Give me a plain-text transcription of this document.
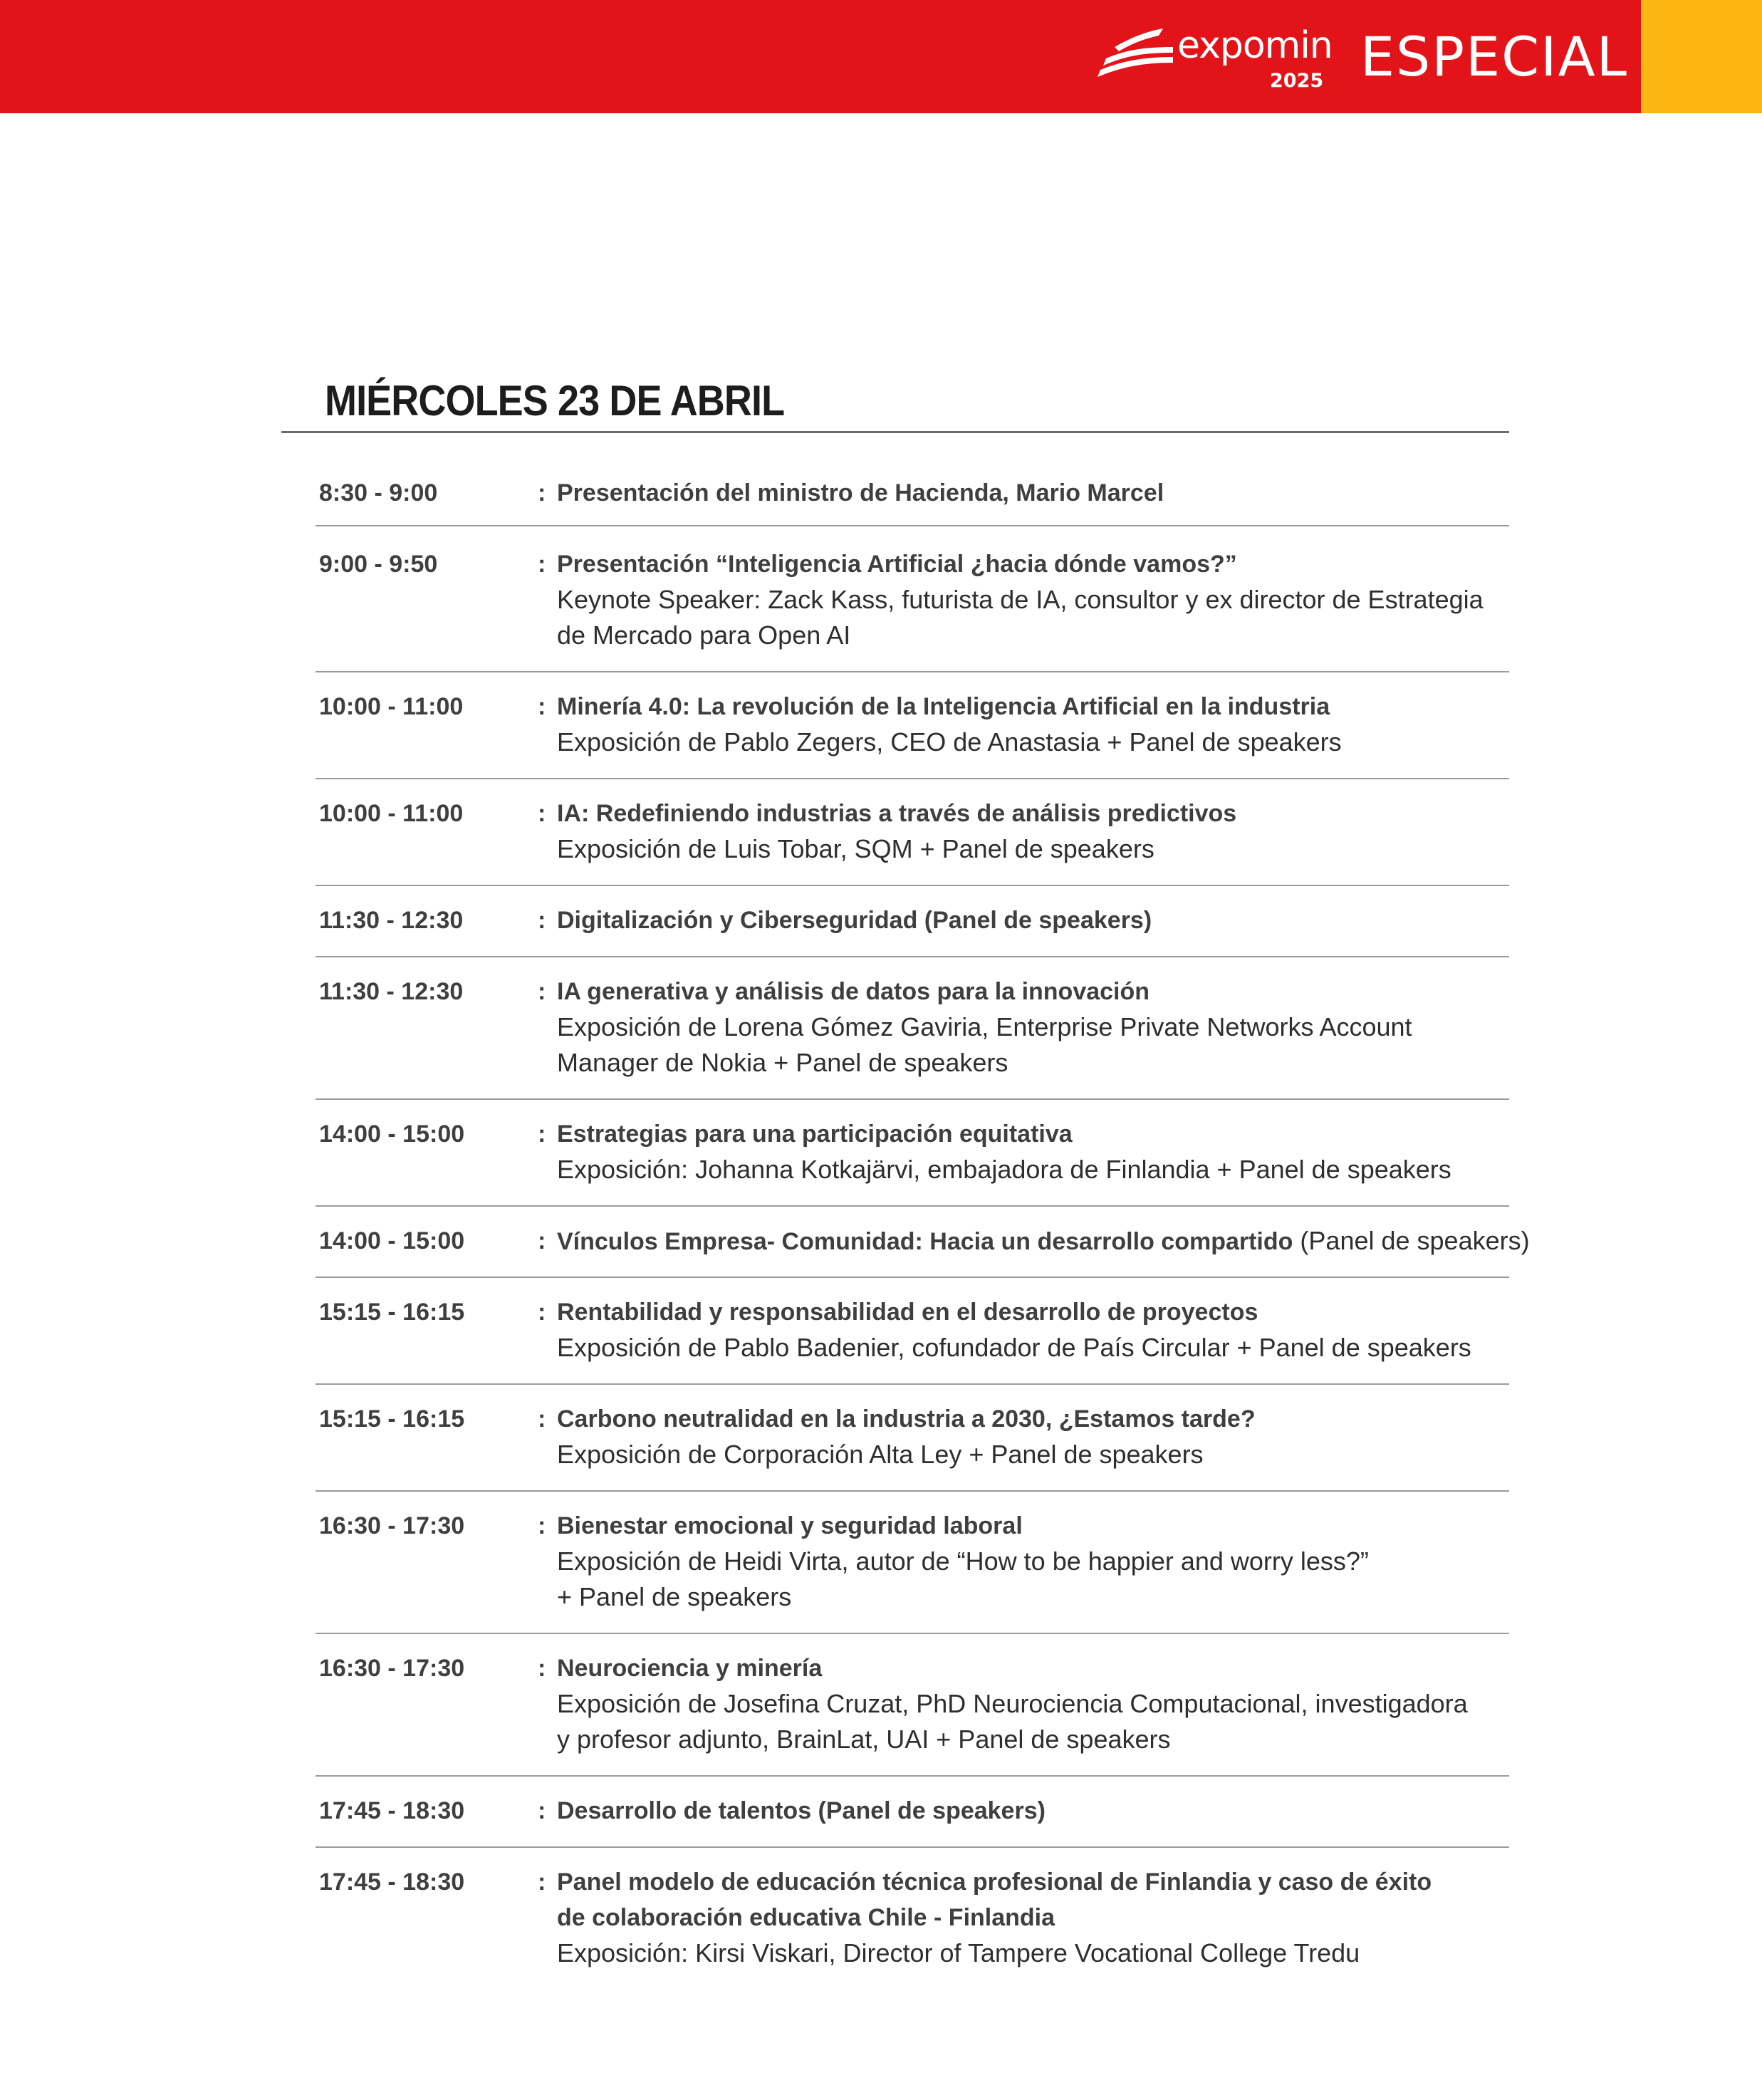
expomin
2025 ESPECIAL
MIÉRCOLES 23 DE ABRIL
8:30 - 9:00	: Presentación del ministro de Hacienda, Mario Marcel
9:00 - 9:50	: Presentación “Inteligencia Artificial ¿hacia dónde vamos?”
Keynote Speaker: Zack Kass, futurista de IA, consultor y ex director de Estrategia
de Mercado para Open AI
10:00 - 11:00	: Minería 4.0: La revolución de la Inteligencia Artificial en la industria
Exposición de Pablo Zegers, CEO de Anastasia + Panel de speakers
10:00 - 11:00	: IA: Redefiniendo industrias a través de análisis predictivos
Exposición de Luis Tobar, SQM + Panel de speakers
11:30 - 12:30	: Digitalización y Ciberseguridad (Panel de speakers)
11:30 - 12:30	: IA generativa y análisis de datos para la innovación
Exposición de Lorena Gómez Gaviria, Enterprise Private Networks Account
Manager de Nokia + Panel de speakers
14:00 - 15:00	: Estrategias para una participación equitativa
Exposición: Johanna Kotkajärvi, embajadora de Finlandia + Panel de speakers
14:00 - 15:00	: Vínculos Empresa- Comunidad: Hacia un desarrollo compartido (Panel de speakers)
15:15 - 16:15	: Rentabilidad y responsabilidad en el desarrollo de proyectos
Exposición de Pablo Badenier, cofundador de País Circular + Panel de speakers
15:15 - 16:15	: Carbono neutralidad en la industria a 2030, ¿Estamos tarde?
Exposición de Corporación Alta Ley + Panel de speakers
16:30 - 17:30	: Bienestar emocional y seguridad laboral
Exposición de Heidi Virta, autor de “How to be happier and worry less?”
+ Panel de speakers
16:30 - 17:30	: Neurociencia y minería
Exposición de Josefina Cruzat, PhD Neurociencia Computacional, investigadora
y profesor adjunto, BrainLat, UAI + Panel de speakers
17:45 - 18:30	: Desarrollo de talentos (Panel de speakers)
17:45 - 18:30	: Panel modelo de educación técnica profesional de Finlandia y caso de éxito
de colaboración educativa Chile - Finlandia
Exposición: Kirsi Viskari, Director of Tampere Vocational College Tredu
